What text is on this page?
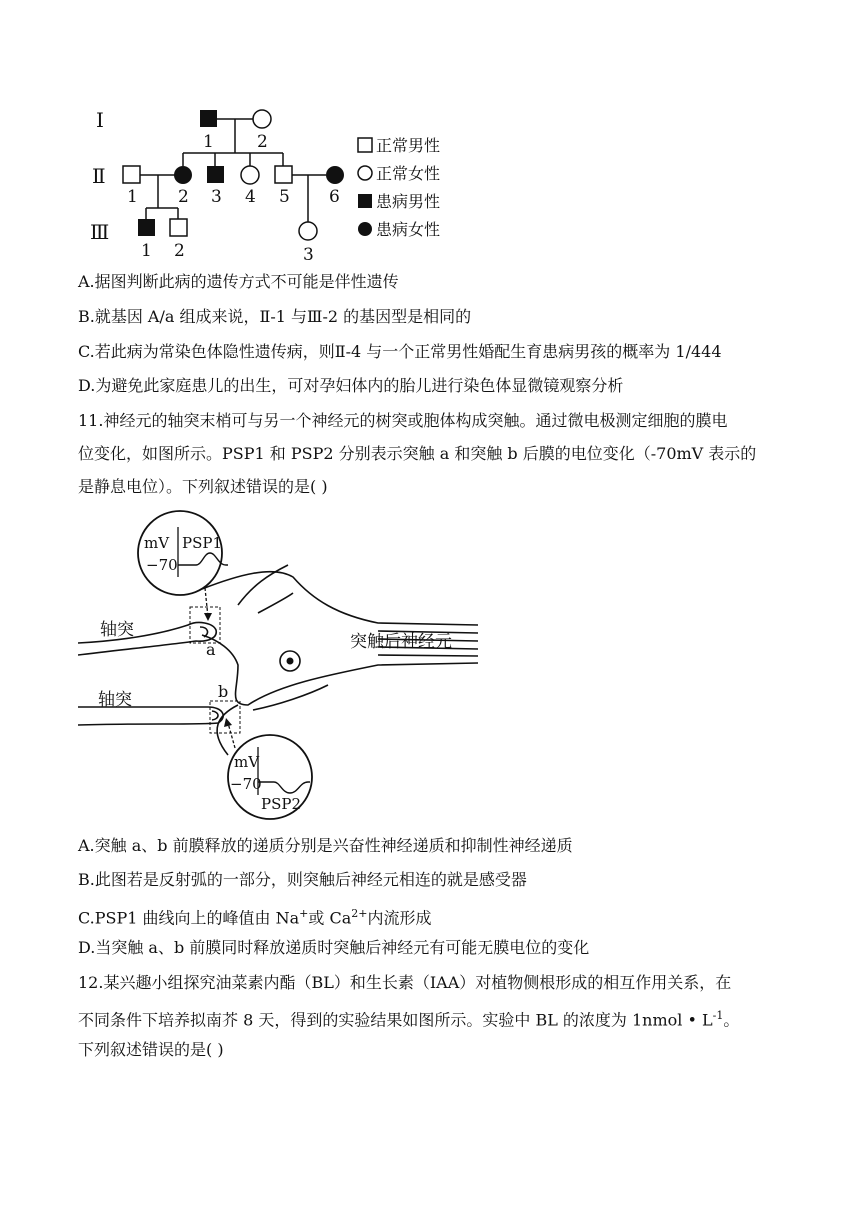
Ⅰ
Ⅱ
Ⅲ
1	2
1 2 3 4 5 6
1 2	3
正常男性
正常女性
患病男性
患病女性
A.据图判断此病的遗传方式不可能是伴性遗传
B.就基因 A/a 组成来说，Ⅱ-1 与Ⅲ-2 的基因型是相同的
C.若此病为常染色体隐性遗传病，则Ⅱ-4 与一个正常男性婚配生育患病男孩的概率为 1/444
D.为避免此家庭患儿的出生，可对孕妇体内的胎儿进行染色体显微镜观察分析
11.神经元的轴突末梢可与另一个神经元的树突或胞体构成突触。通过微电极测定细胞的膜电
位变化，如图所示。PSP1 和 PSP2 分别表示突触 a 和突触 b 后膜的电位变化（-70mV 表示的
是静息电位）。下列叙述错误的是( )
mV
−70
PSP1
mV
−70
PSP2
轴突
轴突
a
b
突触后神经元
A.突触 a、b 前膜释放的递质分别是兴奋性神经递质和抑制性神经递质
B.此图若是反射弧的一部分，则突触后神经元相连的就是感受器
C.PSP1 曲线向上的峰值由 Na+或 $Ca^{2+}$内流形成
D.当突触 a、b 前膜同时释放递质时突触后神经元有可能无膜电位的变化
12.某兴趣小组探究油菜素内酯（BL）和生长素（IAA）对植物侧根形成的相互作用关系，在
不同条件下培养拟南芥 8 天，得到的实验结果如图所示。实验中 BL 的浓度为 1nmol • $L^{-1}$。
下列叙述错误的是( )
